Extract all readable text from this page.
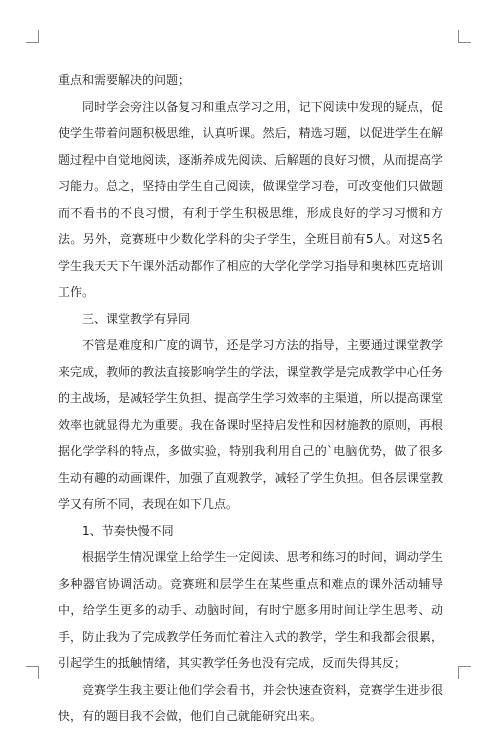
重点和需要解决的问题；

同时学会旁注以备复习和重点学习之用，记下阅读中发现的疑点，促使学生带着问题积极思维，认真听课。然后，精选习题，以促进学生在解题过程中自觉地阅读，逐渐养成先阅读、后解题的良好习惯，从而提高学习能力。总之，坚持由学生自己阅读，做课堂学习卷，可改变他们只做题而不看书的不良习惯，有利于学生积极思维，形成良好的学习习惯和方法。另外，竞赛班中少数化学科的尖子学生，全班目前有5人。对这5名学生我天天下午课外活动都作了相应的大学化学学习指导和奥林匹克培训工作。

三、课堂教学有异同

不管是难度和广度的调节，还是学习方法的指导，主要通过课堂教学来完成，教师的教法直接影响学生的学法，课堂教学是完成教学中心任务的主战场，是减轻学生负担、提高学生学习效率的主渠道，所以提高课堂效率也就显得尤为重要。我在备课时坚持启发性和因材施教的原则，再根据化学学科的特点，多做实验，特别我利用自己的`电脑优势，做了很多生动有趣的动画课件，加强了直观教学，减轻了学生负担。但各层课堂教学又有所不同，表现在如下几点。

1、节奏快慢不同

根据学生情况课堂上给学生一定阅读、思考和练习的时间，调动学生多种器官协调活动。竞赛班和层学生在某些重点和难点的课外活动辅导中，给学生更多的动手、动脑时间，有时宁愿多用时间让学生思考、动手，防止我为了完成教学任务而忙着注入式的教学，学生和我都会很累，引起学生的抵触情绪，其实教学任务也没有完成，反而失得其反；

竞赛学生我主要让他们学会看书，并会快速查资料，竞赛学生进步很快，有的题目我不会做，他们自己就能研究出来。
